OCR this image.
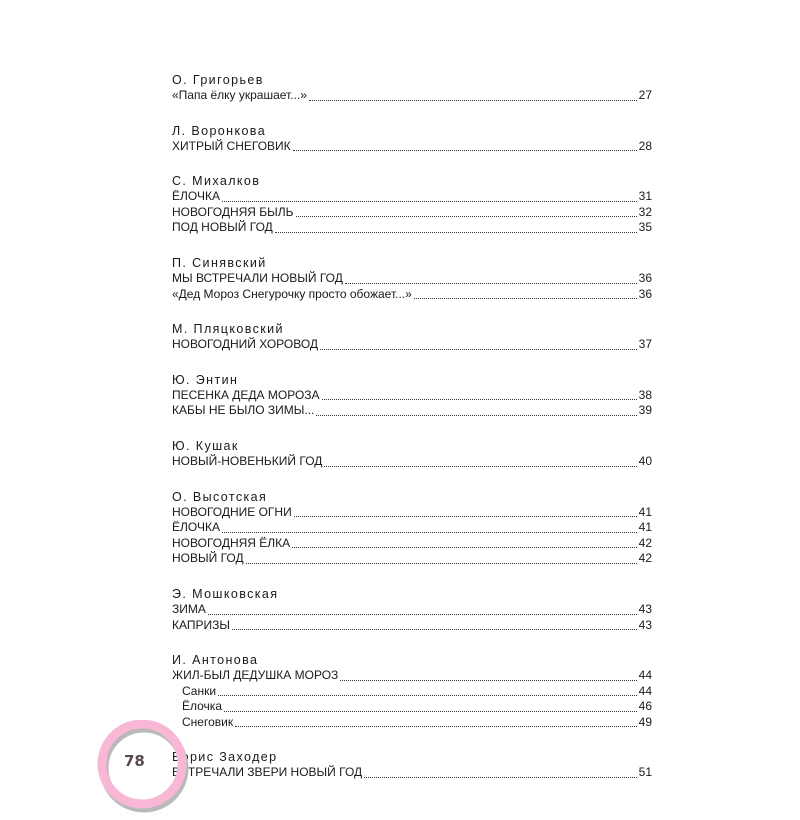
О. Григорьев
«Папа ёлку украшает...»	27
Л. Воронкова
ХИТРЫЙ СНЕГОВИК	28
С. Михалков
ЁЛОЧКА	31
НОВОГОДНЯЯ БЫЛЬ	32
ПОД НОВЫЙ ГОД	35
П. Синявский
МЫ ВСТРЕЧАЛИ НОВЫЙ ГОД	36
«Дед Мороз Снегурочку просто обожает...»	36
М. Пляцковский
НОВОГОДНИЙ ХОРОВОД	37
Ю. Энтин
ПЕСЕНКА ДЕДА МОРОЗА	38
КАБЫ НЕ БЫЛО ЗИМЫ...	39
Ю. Кушак
НОВЫЙ-НОВЕНЬКИЙ ГОД	40
О. Высотская
НОВОГОДНИЕ ОГНИ	41
ЁЛОЧКА	41
НОВОГОДНЯЯ ЁЛКА	42
НОВЫЙ ГОД	42
Э. Мошковская
ЗИМА	43
КАПРИЗЫ	43
И. Антонова
ЖИЛ-БЫЛ ДЕДУШКА МОРОЗ	44
Санки	44
Ёлочка	46
Снеговик	49
Борис Заходер
ВСТРЕЧАЛИ ЗВЕРИ НОВЫЙ ГОД	51
78
